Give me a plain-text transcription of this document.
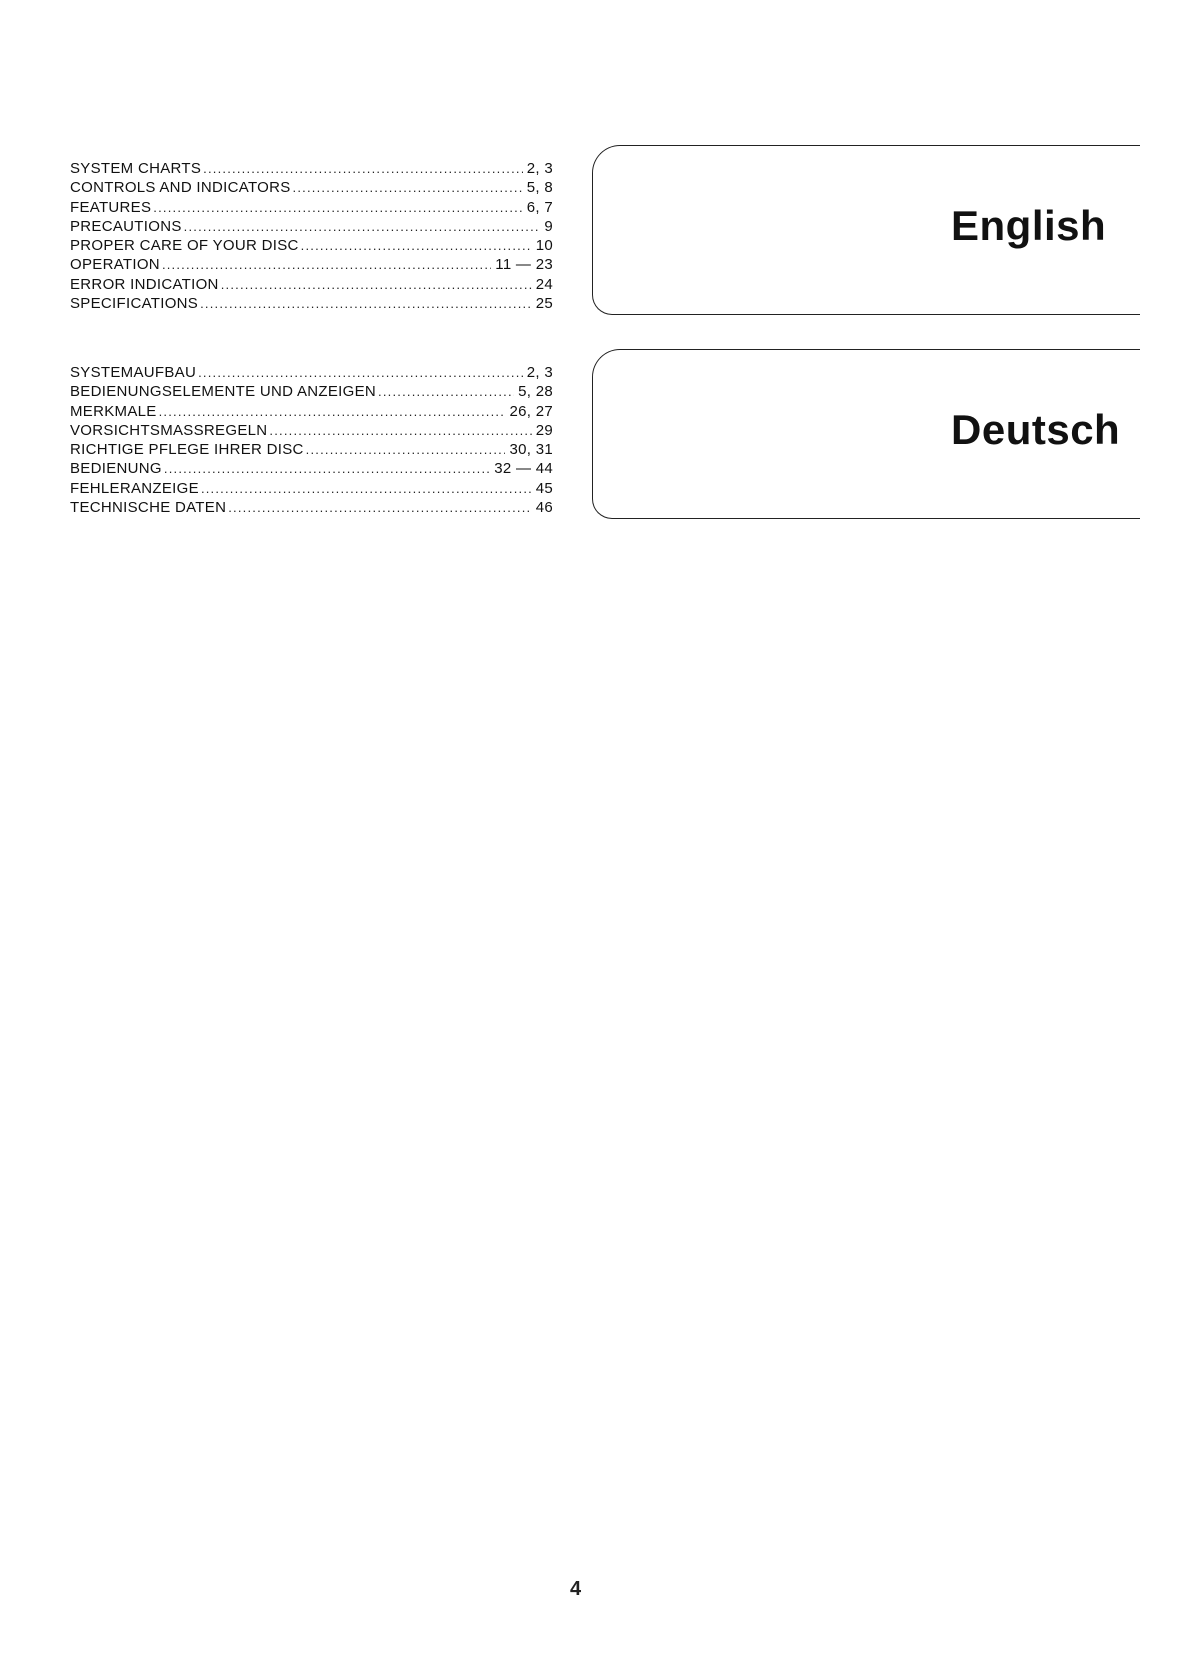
SYSTEM CHARTS .....	2, 3
CONTROLS AND INDICATORS .....	5, 8
FEATURES .....	6, 7
PRECAUTIONS .....	9
PROPER CARE OF YOUR DISC .....	10
OPERATION .....	11 — 23
ERROR INDICATION .....	24
SPECIFICATIONS .....	25
English
SYSTEMAUFBAU .....	2, 3
BEDIENUNGSELEMENTE UND ANZEIGEN .....	5, 28
MERKMALE .....	26, 27
VORSICHTSMASSREGELN .....	29
RICHTIGE PFLEGE IHRER DISC .....	30, 31
BEDIENUNG .....	32 — 44
FEHLERANZEIGE .....	45
TECHNISCHE DATEN .....	46
Deutsch
4
